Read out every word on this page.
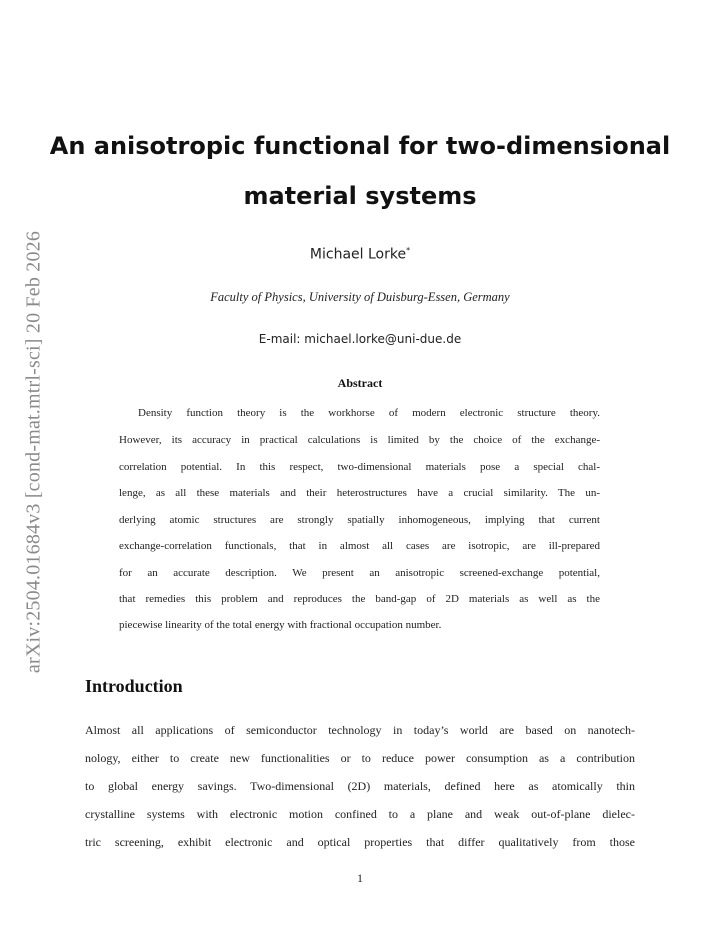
arXiv:2504.01684v3 [cond-mat.mtrl-sci] 20 Feb 2026
An anisotropic functional for two-dimensional
material systems
Michael Lorke*
Faculty of Physics, University of Duisburg-Essen, Germany
E-mail: michael.lorke@uni-due.de
Abstract
Density function theory is the workhorse of modern electronic structure theory.
However, its accuracy in practical calculations is limited by the choice of the exchange-
correlation potential. In this respect, two-dimensional materials pose a special chal-
lenge, as all these materials and their heterostructures have a crucial similarity. The un-
derlying atomic structures are strongly spatially inhomogeneous, implying that current
exchange-correlation functionals, that in almost all cases are isotropic, are ill-prepared
for an accurate description. We present an anisotropic screened-exchange potential,
that remedies this problem and reproduces the band-gap of 2D materials as well as the
piecewise linearity of the total energy with fractional occupation number.
Introduction
Almost all applications of semiconductor technology in today’s world are based on nanotech-
nology, either to create new functionalities or to reduce power consumption as a contribution
to global energy savings. Two-dimensional (2D) materials, defined here as atomically thin
crystalline systems with electronic motion confined to a plane and weak out-of-plane dielec-
tric screening, exhibit electronic and optical properties that differ qualitatively from those
1
